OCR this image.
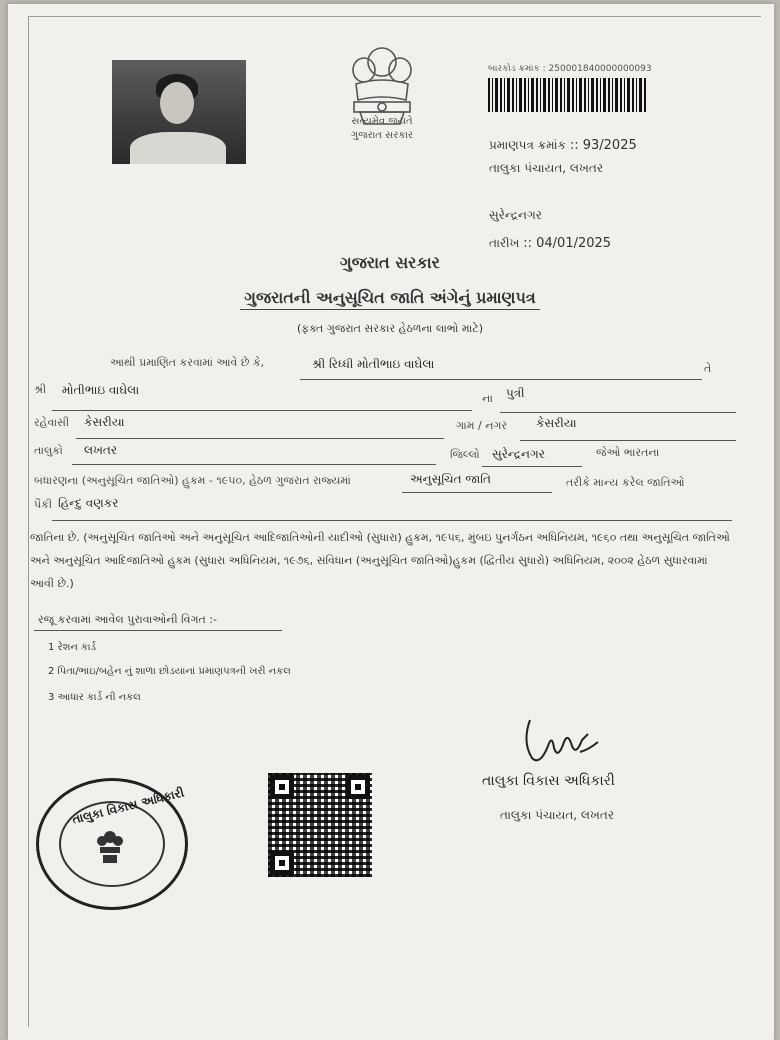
સત્યમેવ જયતે
ગુજરાત સરકાર
બારકોડ ક્રમાંક : 250001840000000093
પ્રમાણપત્ર ક્રમાંક :: 93/2025
તાલુકા પંચાયત, લખતર
સુરેન્દ્રનગર
તારીખ :: 04/01/2025
ગુજરાત સરકાર
ગુજરાતની અનુસૂચિત જાતિ અંગેનું પ્રમાણપત્ર
(ફક્ત ગુજરાત સરકાર હેઠળના લાભો માટે)
આથી પ્રમાણિત કરવામાં આવે છે કે,	શ્રી રિધ્ધી મોતીભાઇ વાઘેલા	તે
શ્રી મોતીભાઇ વાઘેલા
ના પુત્રી
રહેવાસી કેસરીયા	ગામ / નગર કેસરીયા
તાલુકો લખતર	જિલ્લો સુરેન્દ્રનગર	જેઓ ભારતના
બંધારણના (અનુસૂચિત જાતિઓ) હુકમ - ૧૯૫૦, હેઠળ ગુજરાત રાજ્યમાં	અનુસૂચિત જાતિ	તરીકે માન્ય કરેલ જાતિઓ
પૈકી હિન્દુ વણકર
જાતિના છે. (અનુસૂચિત જાતિઓ અને અનુસૂચિત આદિજાતિઓની યાદીઓ (સુધારા) હુકમ, ૧૯૫૬, મુંબઇ પુનર્ગઠન અધિનિયમ, ૧૯૬૦ તથા અનુસૂચિત જાતિઓ અને અનુસૂચિત આદિજાતિઓ હુકમ (સુધારા અધિનિયમ, ૧૯૭૬, સંવિધાન (અનુસૂચિત જાતિઓ)હુકમ (દ્વિતીય સુધારો) અધિનિયમ, ૨૦૦૨ હેઠળ સુધારવામાં આવી છે.)
રજૂ કરવામાં આવેલ પુરાવાઓની વિગત :-
1 રેશન કાર્ડ
2 પિતા/ભાઇ/બહેન નું શાળા છોડયાનાં પ્રમાણપત્રની ખરી નકલ
3 આધાર કાર્ડ ની નકલ
તાલુકા વિકાસ અધિકારી
તાલુકા પંચાયત, લખતર
તાલુકા વિકાસ અધિકારી
